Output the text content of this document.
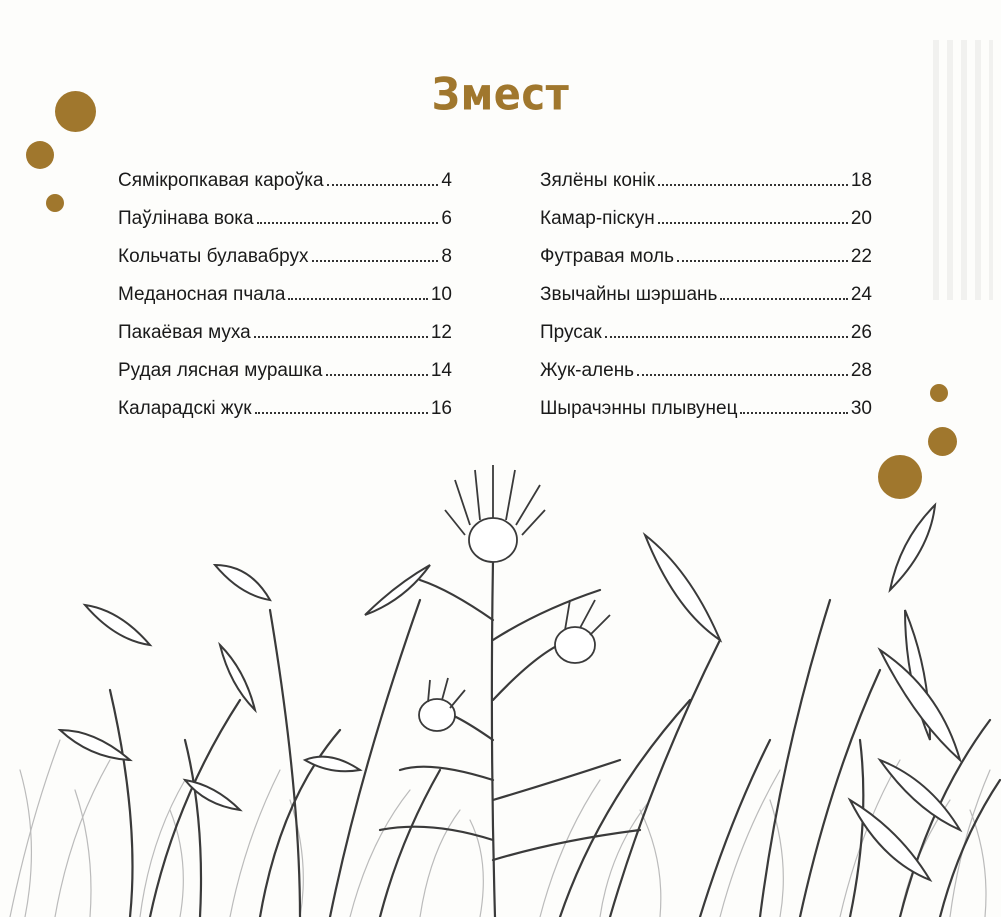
Змест
Сямікропкавая кароўка	4
Паўлінава вока	6
Кольчаты булавабрух	8
Меданосная пчала	10
Пакаёвая муха	12
Рудая лясная мурашка	14
Каларадскі жук	16
Зялёны конік	18
Камар-піскун	20
Футравая моль	22
Звычайны шэршань	24
Прусак	26
Жук-алень	28
Шырачэнны плывунец	30
